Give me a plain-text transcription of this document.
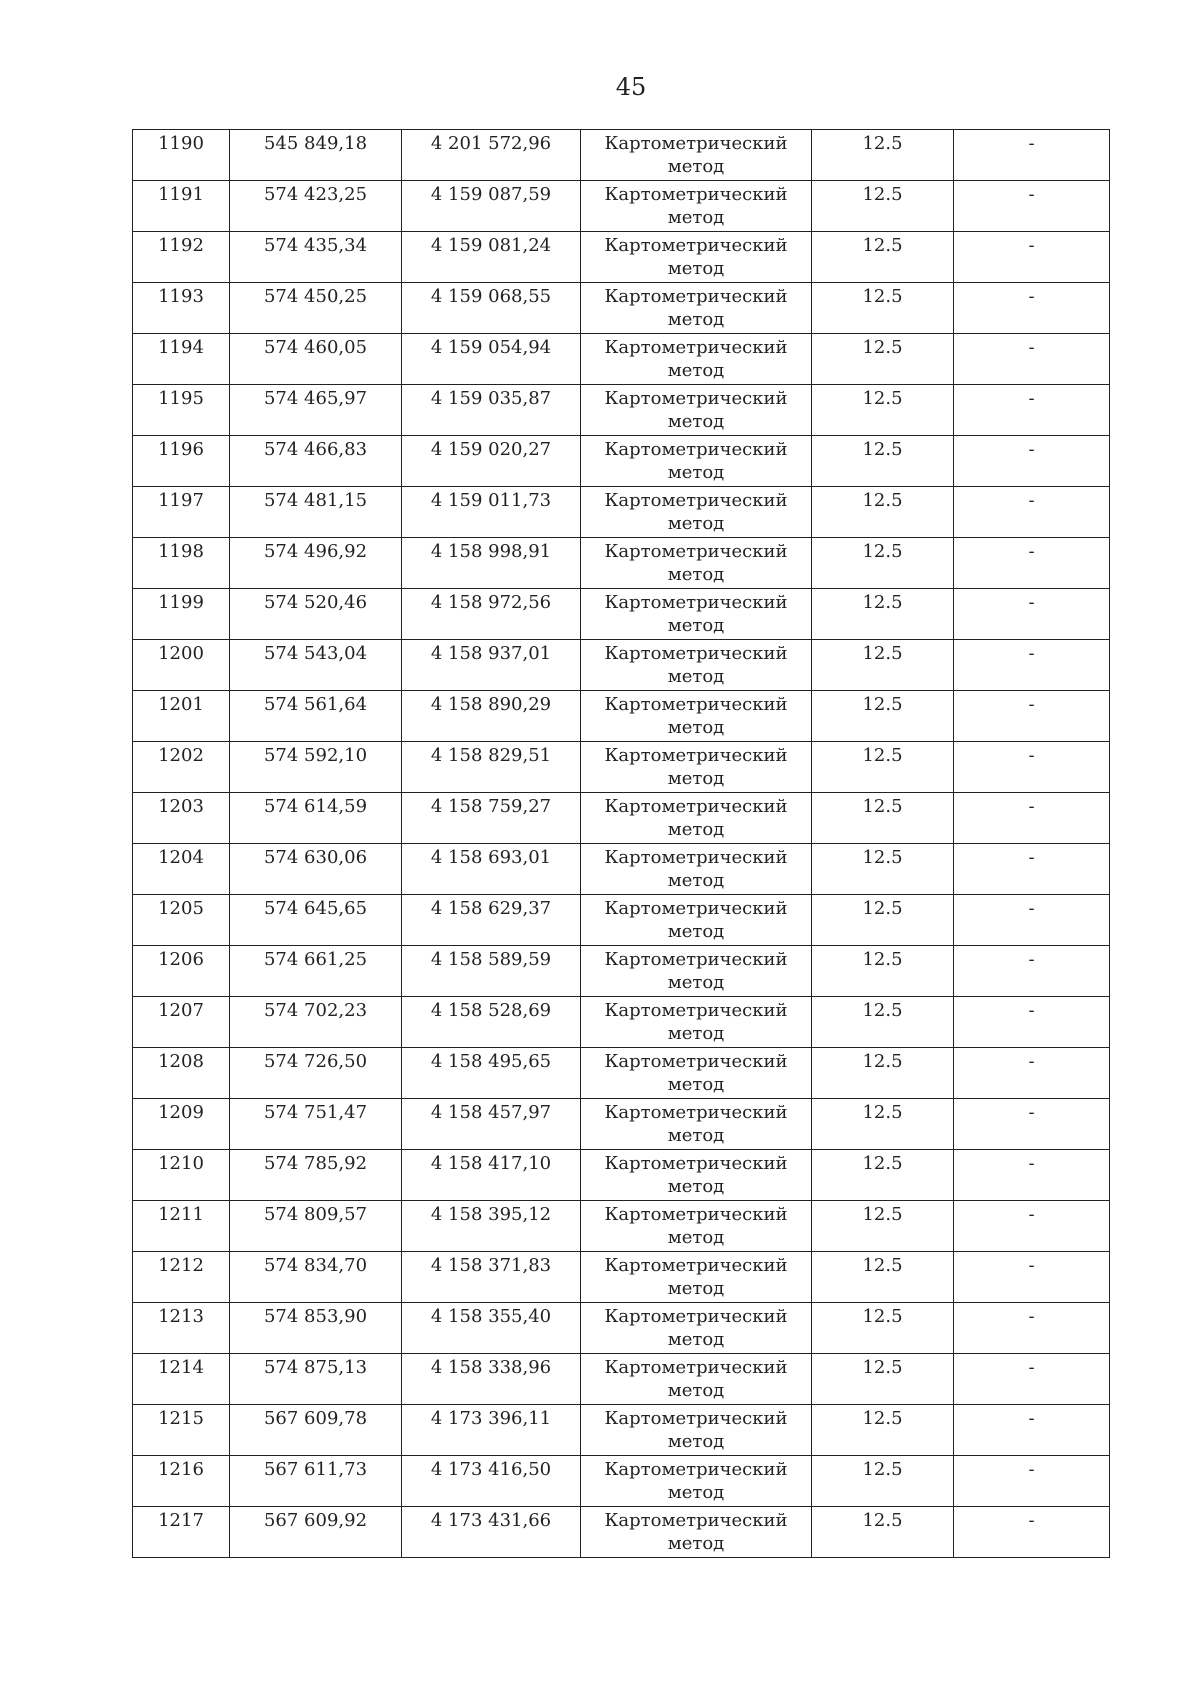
45
1190	545 849,18	4 201 572,96	Картометрический метод	12.5	-

1191	574 423,25	4 159 087,59	Картометрический метод	12.5	-

1192	574 435,34	4 159 081,24	Картометрический метод	12.5	-

1193	574 450,25	4 159 068,55	Картометрический метод	12.5	-

1194	574 460,05	4 159 054,94	Картометрический метод	12.5	-

1195	574 465,97	4 159 035,87	Картометрический метод	12.5	-

1196	574 466,83	4 159 020,27	Картометрический метод	12.5	-

1197	574 481,15	4 159 011,73	Картометрический метод	12.5	-

1198	574 496,92	4 158 998,91	Картометрический метод	12.5	-

1199	574 520,46	4 158 972,56	Картометрический метод	12.5	-

1200	574 543,04	4 158 937,01	Картометрический метод	12.5	-

1201	574 561,64	4 158 890,29	Картометрический метод	12.5	-

1202	574 592,10	4 158 829,51	Картометрический метод	12.5	-

1203	574 614,59	4 158 759,27	Картометрический метод	12.5	-

1204	574 630,06	4 158 693,01	Картометрический метод	12.5	-

1205	574 645,65	4 158 629,37	Картометрический метод	12.5	-

1206	574 661,25	4 158 589,59	Картометрический метод	12.5	-

1207	574 702,23	4 158 528,69	Картометрический метод	12.5	-

1208	574 726,50	4 158 495,65	Картометрический метод	12.5	-

1209	574 751,47	4 158 457,97	Картометрический метод	12.5	-

1210	574 785,92	4 158 417,10	Картометрический метод	12.5	-

1211	574 809,57	4 158 395,12	Картометрический метод	12.5	-

1212	574 834,70	4 158 371,83	Картометрический метод	12.5	-

1213	574 853,90	4 158 355,40	Картометрический метод	12.5	-

1214	574 875,13	4 158 338,96	Картометрический метод	12.5	-

1215	567 609,78	4 173 396,11	Картометрический метод	12.5	-

1216	567 611,73	4 173 416,50	Картометрический метод	12.5	-

1217	567 609,92	4 173 431,66	Картометрический метод	12.5	-
